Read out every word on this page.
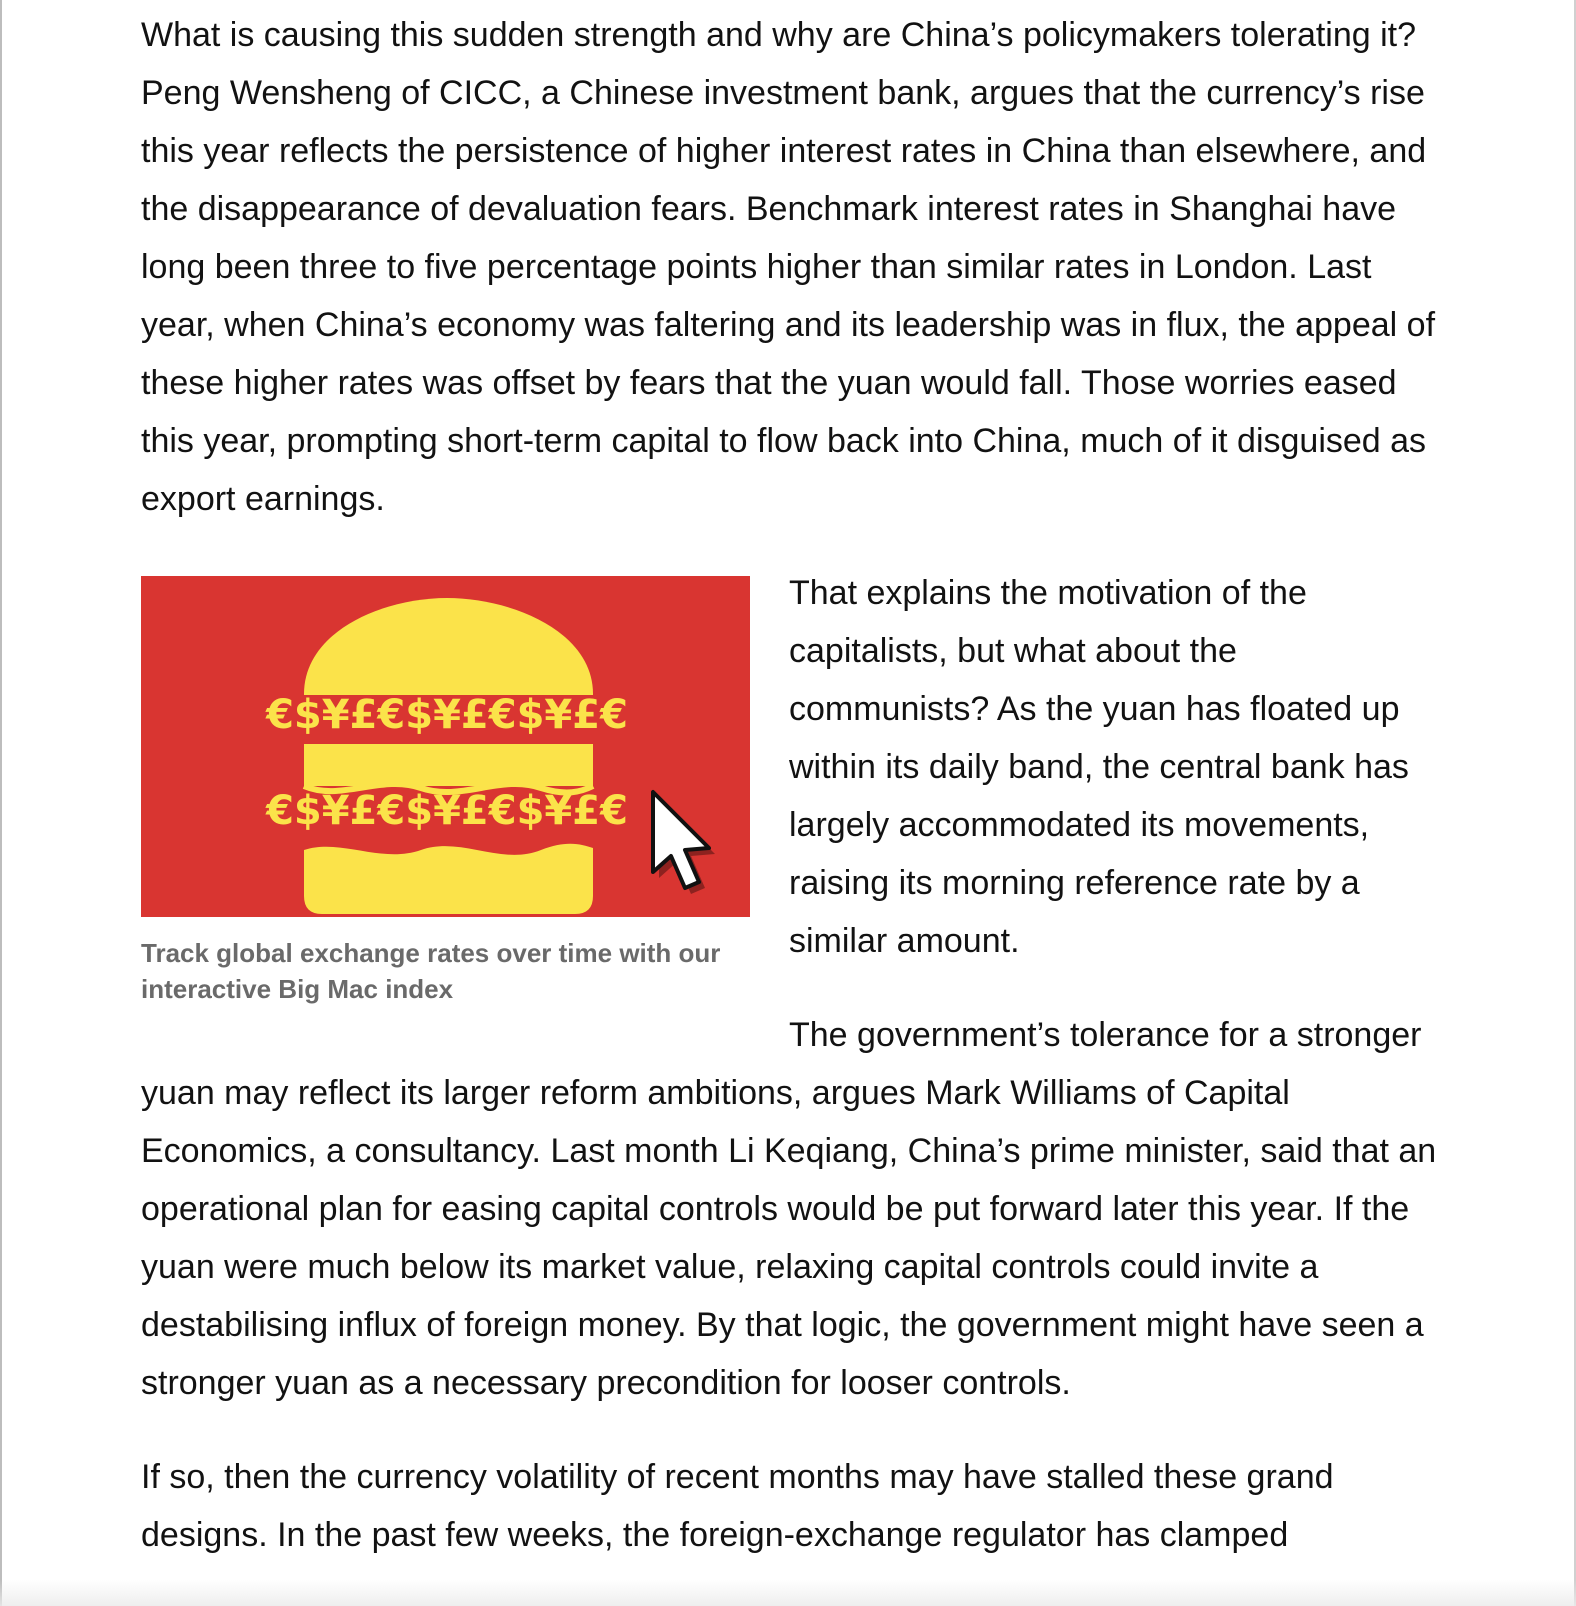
What is causing this sudden strength and why are China’s policymakers tolerating it? Peng Wensheng of CICC, a Chinese investment bank, argues that the currency’s rise this year reflects the persistence of higher interest rates in China than elsewhere, and the disappearance of devaluation fears. Benchmark interest rates in Shanghai have long been three to five percentage points higher than similar rates in London. Last year, when China’s economy was faltering and its leadership was in flux, the appeal of these higher rates was offset by fears that the yuan would fall. Those worries eased this year, prompting short-term capital to flow back into China, much of it disguised as export earnings.

€$¥£€$¥£€$¥£€
€$¥£€$¥£€$¥£€
Track global exchange rates over time with our interactive Big Mac index

That explains the motivation of the capitalists, but what about the communists? As the yuan has floated up within its daily band, the central bank has largely accommodated its movements, raising its morning reference rate by a similar amount.

The government’s tolerance for a stronger yuan may reflect its larger reform ambitions, argues Mark Williams of Capital Economics, a consultancy. Last month Li Keqiang, China’s prime minister, said that an operational plan for easing capital controls would be put forward later this year. If the yuan were much below its market value, relaxing capital controls could invite a destabilising influx of foreign money. By that logic, the government might have seen a stronger yuan as a necessary precondition for looser controls.

If so, then the currency volatility of recent months may have stalled these grand designs. In the past few weeks, the foreign-exchange regulator has clamped
